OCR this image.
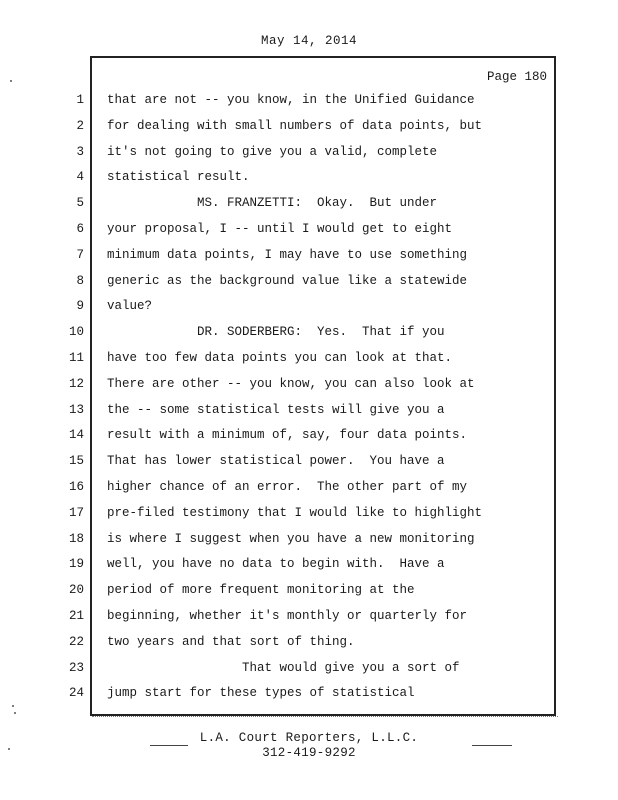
May 14, 2014
Page 180
1
2
3
4
5
6
7
8
9
10
11
12
13
14
15
16
17
18
19
20
21
22
23
24
that are not -- you know, in the Unified Guidance
for dealing with small numbers of data points, but
it's not going to give you a valid, complete
statistical result.
MS. FRANZETTI:  Okay.  But under
your proposal, I -- until I would get to eight
minimum data points, I may have to use something
generic as the background value like a statewide
value?
DR. SODERBERG:  Yes.  That if you
have too few data points you can look at that.
There are other -- you know, you can also look at
the -- some statistical tests will give you a
result with a minimum of, say, four data points.
That has lower statistical power.  You have a
higher chance of an error.  The other part of my
pre-filed testimony that I would like to highlight
is where I suggest when you have a new monitoring
well, you have no data to begin with.  Have a
period of more frequent monitoring at the
beginning, whether it's monthly or quarterly for
two years and that sort of thing.
That would give you a sort of
jump start for these types of statistical
L.A. Court Reporters, L.L.C.
312-419-9292
